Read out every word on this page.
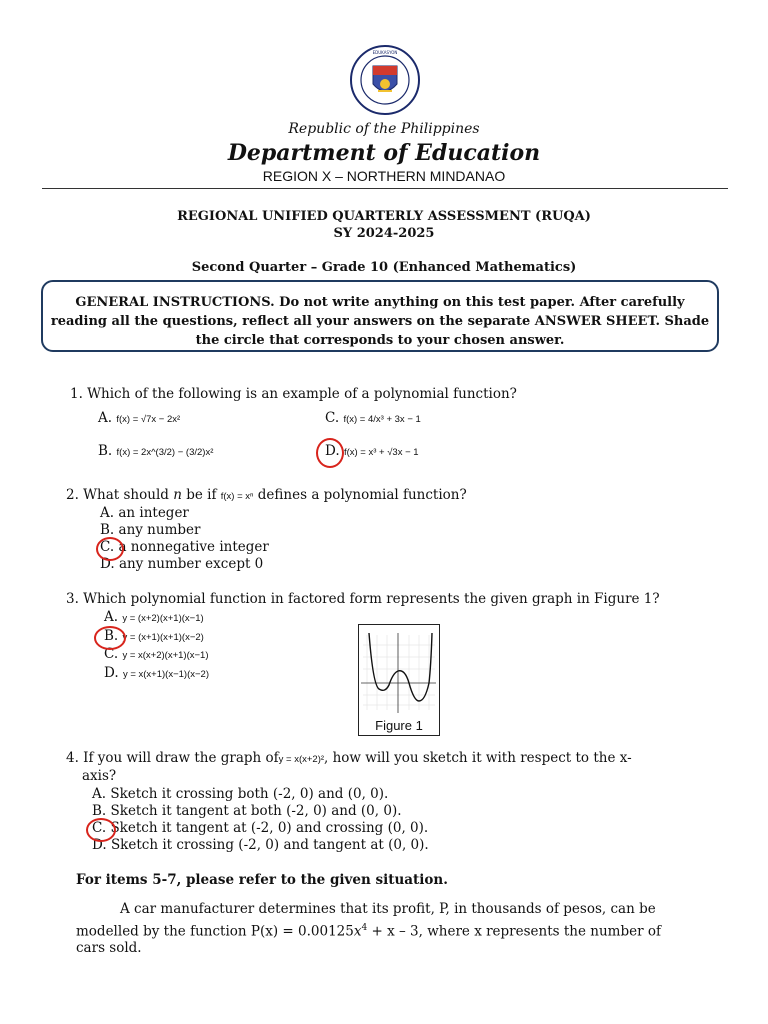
EDUKASYON
Republic of the Philippines
Department of Education
REGION X – NORTHERN MINDANAO
REGIONAL UNIFIED QUARTERLY ASSESSMENT (RUQA)
SY 2024-2025
Second Quarter – Grade 10 (Enhanced Mathematics)
GENERAL INSTRUCTIONS. Do not write anything on this test paper. After carefully reading all the questions, reflect all your answers on the separate ANSWER SHEET. Shade the circle that corresponds to your chosen answer.
1. Which of the following is an example of a polynomial function?
A. f(x) = √7x − 2x²	C. f(x) = 4/x³ + 3x − 1
B. f(x) = 2x^(3/2) − (3/2)x²	D. f(x) = x³ + √3x − 1
2. What should n be if f(x) = xⁿ defines a polynomial function?
A. an integer
B. any number
C. a nonnegative integer
D. any number except 0
3. Which polynomial function in factored form represents the given graph in Figure 1?
A. y = (x+2)(x+1)(x−1)
B. y = (x+1)(x+1)(x−2)
C. y = x(x+2)(x+1)(x−1)
D. y = x(x+1)(x−1)(x−2)
Figure 1
4. If you will draw the graph ofy = x(x+2)², how will you sketch it with respect to the x-
axis?
A. Sketch it crossing both (-2, 0) and (0, 0).
B. Sketch it tangent at both (-2, 0) and (0, 0).
C. Sketch it tangent at (-2, 0) and crossing (0, 0).
D. Sketch it crossing (-2, 0) and tangent at (0, 0).
For items 5-7, please refer to the given situation.
A car manufacturer determines that its profit, P, in thousands of pesos, can be
modelled by the function $P(x) = 0.00125x^4 + x - 3$, where x represents the number of
cars sold.
